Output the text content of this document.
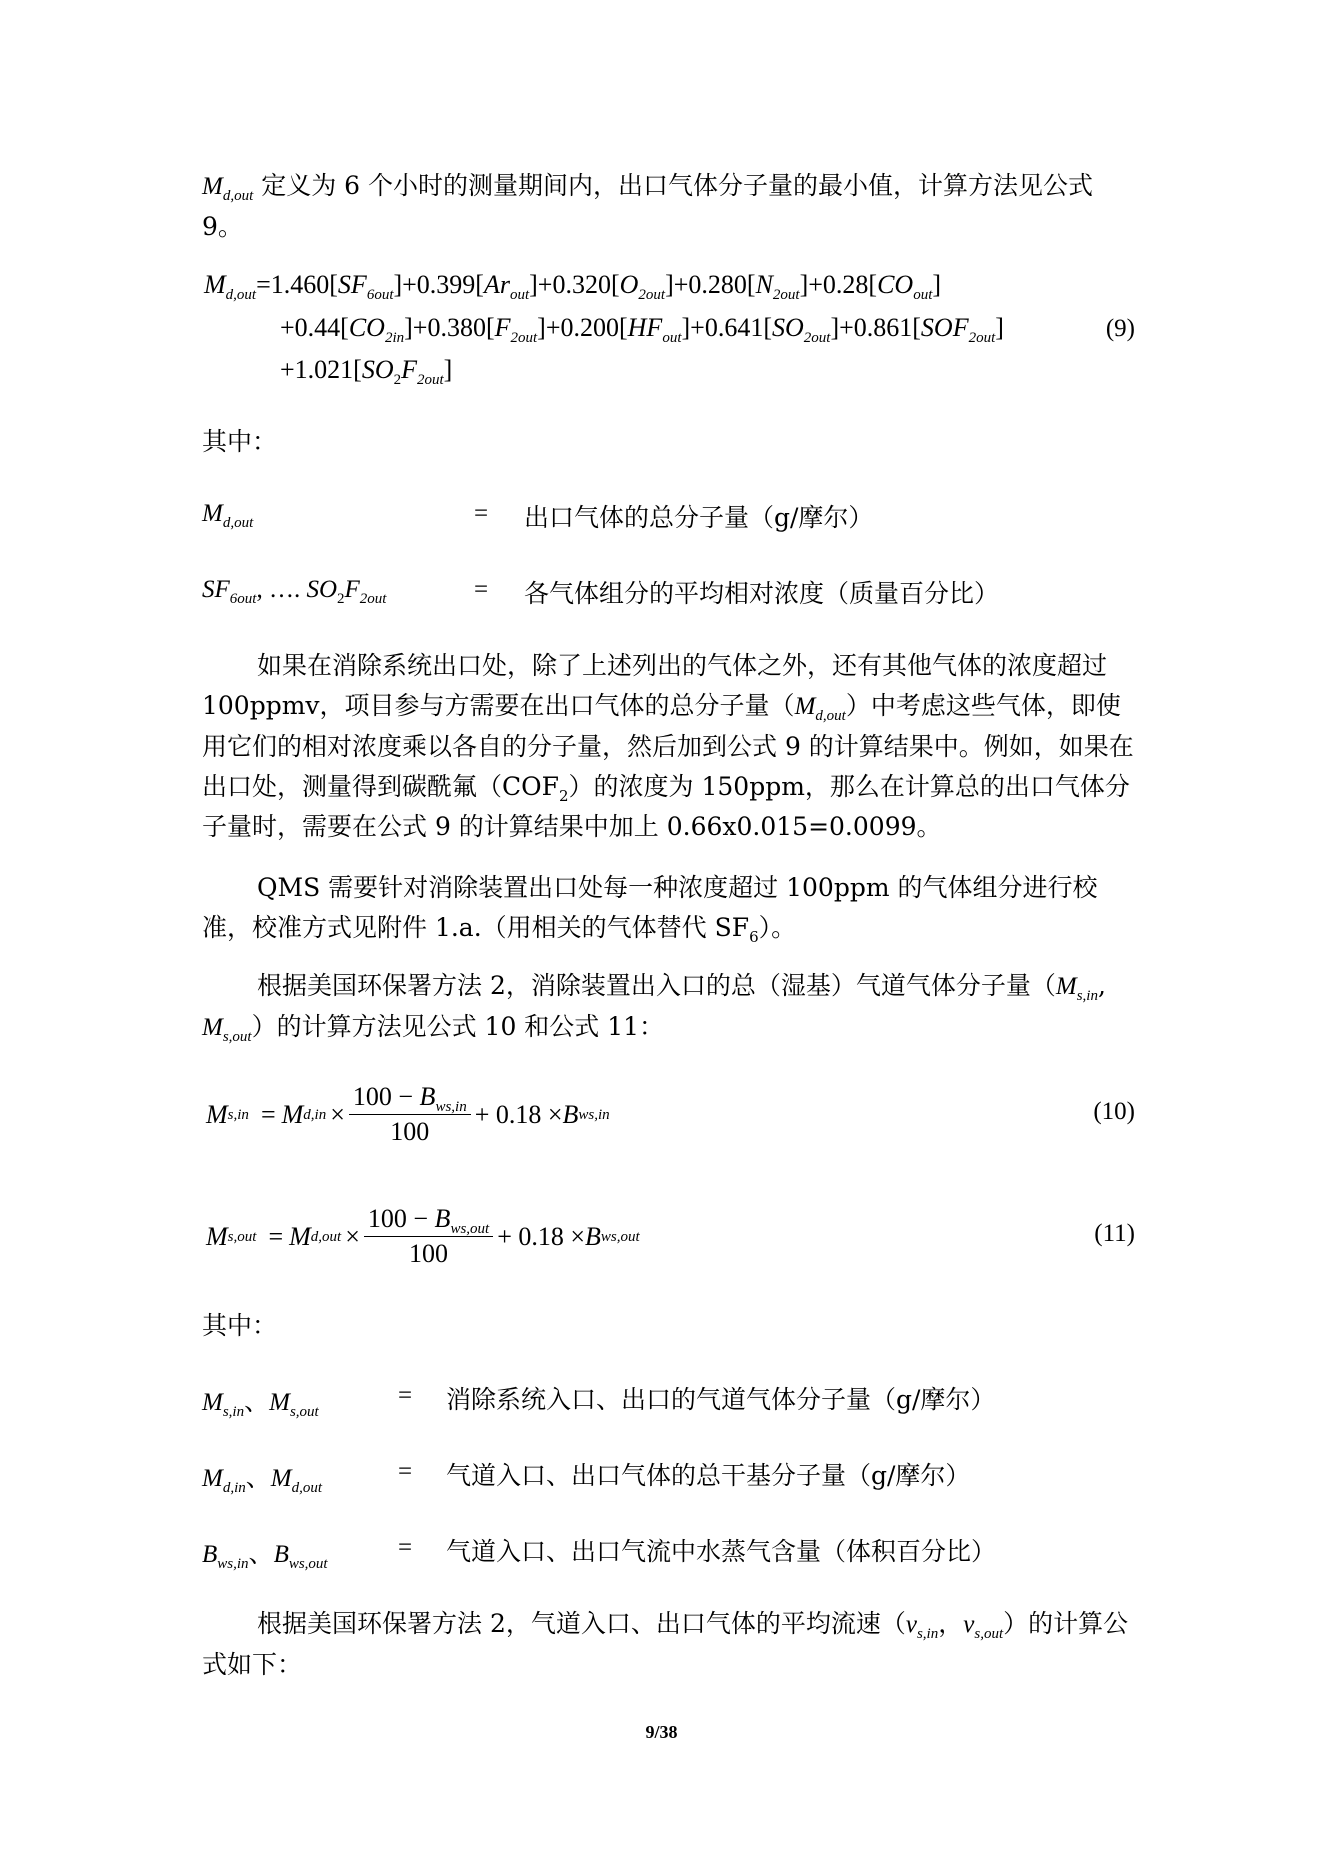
$M_{d,out}$ 定义为 6 个小时的测量期间内，出口气体分子量的最小值，计算方法见公式 9。
$M_{d,out}=1.460[SF_{6out}]+0.399[Ar_{out}]+0.320[O_{2out}]+0.280[N_{2out}]+0.28[CO_{out}]$
$+0.44[CO_{2in}]+0.380[F_{2out}]+0.200[HF_{out}]+0.641[SO_{2out}]+0.861[SOF_{2out}]$
$+1.021[SO_2F_{2out}]$
(9)
其中：
$M_{d,out}$	= 出口气体的总分子量（g/摩尔）
$SF_{6out}$, …. $SO_2F_{2out}$	= 各气体组分的平均相对浓度（质量百分比）
如果在消除系统出口处，除了上述列出的气体之外，还有其他气体的浓度超过 100ppmv，项目参与方需要在出口气体的总分子量$(M_{d,out})$中考虑这些气体，即使用它们的相对浓度乘以各自的分子量，然后加到公式 9 的计算结果中。例如，如果在出口处，测量得到碳酰氟$(COF_2)$的浓度为 150ppm，那么在计算总的出口气体分子量时，需要在公式 9 的计算结果中加上 0.66x0.015=0.0099。
QMS 需要针对消除装置出口处每一种浓度超过 100ppm 的气体组分进行校准，校准方式见附件 1.a.（用相关的气体替代 $SF_6$）。
根据美国环保署方法 2，消除装置出入口的总（湿基）气道气体分子量（$M_{s,in}$, $M_{s,out}$）的计算方法见公式 10 和公式 11：
M s,in = M $d,in \times \frac{100 - B_{ws,in}}{100} + 0.18 \times B$ ws,in	(10)
M s,out = M $d,out \times \frac{100 - B_{ws,out}}{100} + 0.18 \times B$ ws,out	(11)
其中：
$M_{s,in}$、$M_{s,out}$
= 消除系统入口、出口的气道气体分子量（g/摩尔）
$M_{d,in}$、$M_{d,out}$
= 气道入口、出口气体的总干基分子量（g/摩尔）
$B_{ws,in}$、$B_{ws,out}$
= 气道入口、出口气流中水蒸气含量（体积百分比）
根据美国环保署方法 2，气道入口、出口气体的平均流速（$v_{s,in}$，$v_{s,out}$）的计算公式如下：
9/38
